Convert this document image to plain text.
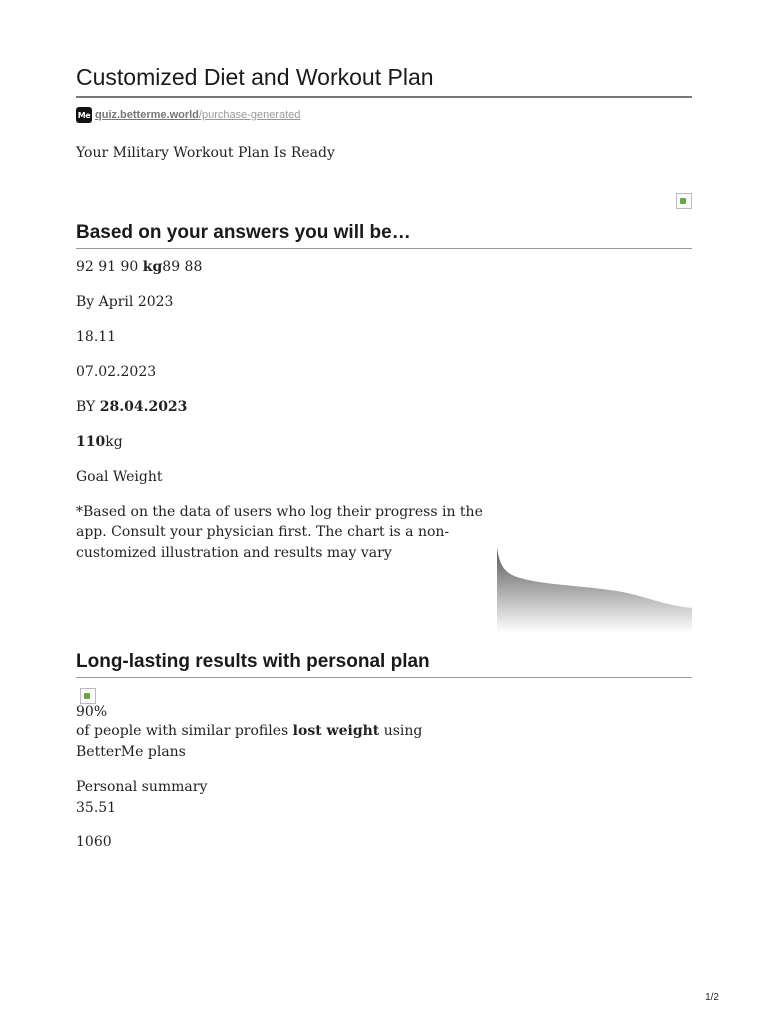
Customized Diet and Workout Plan
Me quiz.betterme.world /purchase-generated

Your Military Workout Plan Is Ready

Based on your answers you will be…

92 91 90 kg89 88

By April 2023

18.11

07.02.2023

BY 28.04.2023

110kg

Goal Weight

*Based on the data of users who log their progress in the

app. Consult your physician first. The chart is a non-

customized illustration and results may vary

Long-lasting results with personal plan

90%

of people with similar profiles lost weight using

BetterMe plans

Personal summary

35.51

1060

1/2
